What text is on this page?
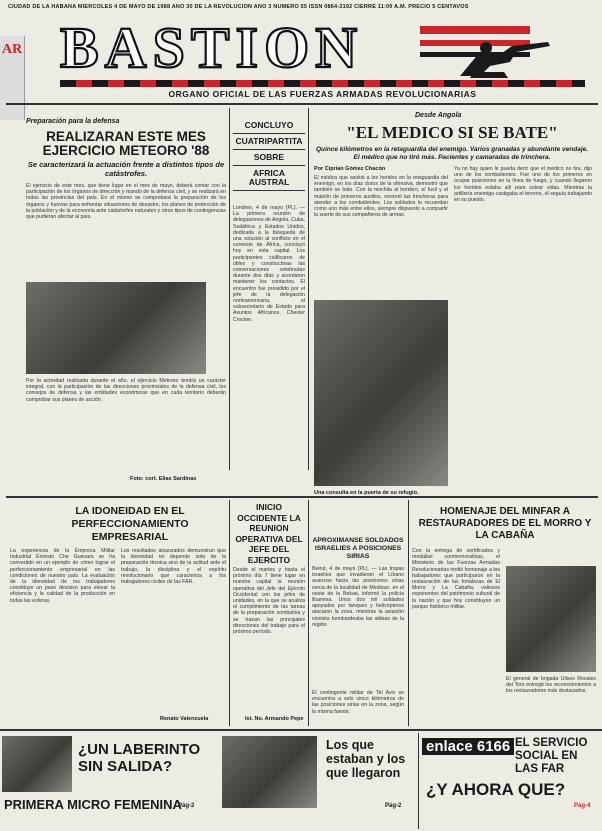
CIUDAD DE LA HABANA MIERCOLES 4 DE MAYO DE 1988 AÑO 30 DE LA REVOLUCION AÑO 3 NUMERO 55 ISSN 0864-2192 CIERRE 11:00 A.M. PRECIO 5 CENTAVOS
AR BASTION
ORGANO OFICIAL DE LAS FUERZAS ARMADAS REVOLUCIONARIAS
Preparación para la defensa
REALIZARAN ESTE MES EJERCICIO METEORO '88
Se caracterizará la actuación frente a distintos tipos de catástrofes.
El ejercicio de este mes, que tiene lugar en el mes de mayo, deberá contar con la participación de los órganos de dirección y mando de la defensa civil, y se realizará en todas las provincias del país. En el mismo se comprobará la preparación de los órganos y fuerzas para enfrentar situaciones de desastre, los planes de protección de la población y de la economía ante catástrofes naturales y otros tipos de contingencias que pudieran afectar al país.
Por la actividad realizada durante el año, el ejercicio Meteoro tendrá un carácter integral, con la participación de las direcciones provinciales de la defensa civil, los consejos de defensa y las entidades económicas que en cada territorio deberán comprobar sus planes de acción.
Foto: cort. Elias Sardinas
CONCLUYO
CUATRIPARTITA
SOBRE
AFRICA AUSTRAL
Londres, 4 de mayo (PL). — La primera reunión de delegaciones de Angola, Cuba, Sudáfrica y Estados Unidos, dedicada a la búsqueda de una solución al conflicto en el suroeste de África, concluyó hoy en esta capital. Los participantes calificaron de útiles y constructivas las conversaciones celebradas durante dos días y acordaron mantener los contactos. El encuentro fue presidido por el jefe de la delegación norteamericana, el subsecretario de Estado para Asuntos Africanos, Chester Crocker.
Desde Angola
"EL MEDICO SI SE BATE"
Quince kilómetros en la retaguardia del enemigo. Varios granadas y abundante vendaje. El médico que no tiró más. Pacientes y camaradas de trinchera.
Por Ciprian Gómez Chacón
El médico que asistió a los heridos en la retaguardia del enemigo, en los días duros de la ofensiva, demostró que también se bate. Con la mochila al hombro, el fusil y el maletín de primeros auxilios, recorrió las trincheras para atender a los combatientes. Los soldados lo recuerdan como uno más entre ellos, siempre dispuesto a compartir la suerte de sus compañeros de armas.
Ya no hay quien le pueda decir que el médico no tira, dijo uno de los combatientes. Fue uno de los primeros en ocupar posiciones en la línea de fuego, y cuando llegaron los heridos estaba allí para salvar vidas. Mientras la artillería enemiga castigaba el terreno, él seguía trabajando en su puesto.
Una consulta en la puerta de su refugio.
LA IDONEIDAD EN EL PERFECCIONAMIENTO EMPRESARIAL
La experiencia de la Empresa Militar Industrial Ernesto Che Guevara se ha convertido en un ejemplo de cómo lograr el perfeccionamiento empresarial en las condiciones de nuestro país. La evaluación de la idoneidad de los trabajadores constituye un paso decisivo para elevar la eficiencia y la calidad de la producción en todas las esferas.
Los resultados alcanzados demuestran que la idoneidad no depende solo de la preparación técnica sino de la actitud ante el trabajo, la disciplina y el espíritu revolucionario que caracteriza a los trabajadores civiles de las FAR.
Renato Valenzuela
INICIO OCCIDENTE LA REUNION OPERATIVA DEL JEFE DEL EJERCITO
Desde el martes y hasta el próximo día 7 tiene lugar en nuestra capital la reunión operativa del Jefe del Ejército Occidental con los jefes de unidades, en la que se analiza el cumplimiento de las tareas de la preparación combativa y se trazan las principales direcciones del trabajo para el próximo período.
Ist. No. Armando Pepe
APROXIMANSE SOLDADOS ISRAELIES A POSICIONES SIRIAS
Beirut, 4 de mayo (PL). — Las tropas israelíes que invadieron el Líbano avanzan hacia las posiciones sirias cerca de la localidad de Meidoun, en el oeste de la Bekaa, informó la policía libanesa. Unos dos mil soldados apoyados por tanques y helicópteros atacaron la zona, mientras la aviación sionista bombardeaba las aldeas de la región.
El contingente militar de Tel Aviv se encuentra a solo cinco kilómetros de las posiciones sirias en la zona, según la misma fuente.
HOMENAJE DEL MINFAR A RESTAURADORES DE EL MORRO Y LA CABAÑA
Con la entrega de certificados y medallas conmemorativas, el Ministerio de las Fuerzas Armadas Revolucionarias rindió homenaje a los trabajadores que participaron en la restauración de las fortalezas de El Morro y La Cabaña, valiosos exponentes del patrimonio cultural de la nación y que hoy constituyen un parque histórico militar.
El general de brigada Ulises Rosales del Toro entregó los reconocimientos a los restauradores más destacados.
¿UN LABERINTO SIN SALIDA?
PRIMERA MICRO FEMENINA
Pág-2
Los que estaban y los que llegaron
Pág-2
enlace 6166 EL SERVICIO SOCIAL EN LAS FAR
¿Y AHORA QUE?
Pág-4
